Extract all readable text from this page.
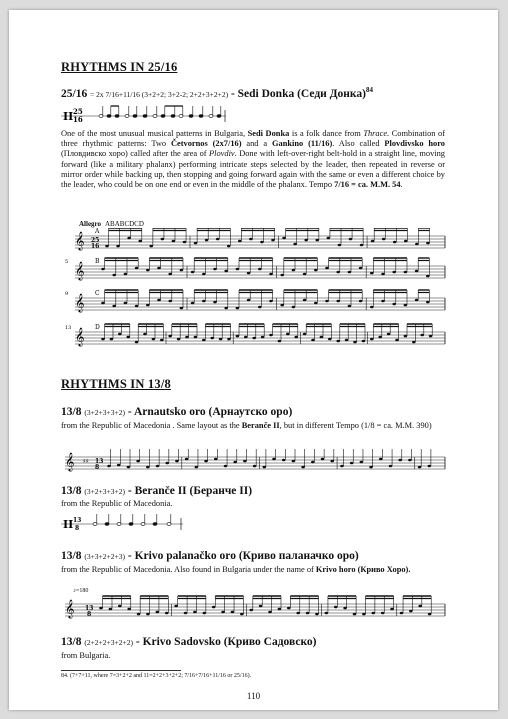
RHYTHMS IN 25/16
25/16 = 2x 7/16+11/16 (3+2+2; 3+2-2; 2+2+3+2+2) - Sedi Donka (Седи Донка)$^{84}$
II 25
16
One of the most unusual musical patterns in Bulgaria, Sedi Donka is a folk dance from Thrace. Combination of three rhythmic patterns: Two Četvornos (2x7/16) and a Gankino (11/16). Also called Plovdivsko horo (Пловдивско хоро) called after the area of Plovdiv. Done with left-over-right belt-hold in a straight line, moving forward (like a military phalanx) performing intricate steps selected by the leader, then repeated in reverse or mirror order while backing up, then stopping and going forward again with the same or even a different choice by the leader, who could be on one end or even in the middle of the phalanx. Tempo 7/16 = ca. M.M. 54.
Allegro ABABCDCD
𝄞 25
16
A
𝄞 B
5
𝄞 C
9
𝄞 D
13
RHYTHMS IN 13/8
13/8 (3+2+3+3+2) - Arnautsko oro (Арнаутско оро)
from the Republic of Macedonia . Same layout as the Berančе II, but in different Tempo (1/8 = ca. M.M. 390)
𝄞 ♯♯ 13
8
13/8 (3+2+3+3+2) - Berančе II (Беранче II)
from the Republic of Macedonia.
II 13
8
13/8 (3+3+2+2+3) - Krivo palanačko oro (Криво паланачко оро)
from the Republic of Macedonia. Also found in Bulgaria under the name of Krivo horo (Криво Хоро).
♪=180
𝄞 13
8
13/8 (2+2+2+3+2+2) - Krivo Sadovsko (Криво Садовско)
from Bulgaria.
84. (7+7+11, where 7=3+2+2 and 11=2+2+3+2+2; 7/16+7/16+11/16 or 25/16).
110
